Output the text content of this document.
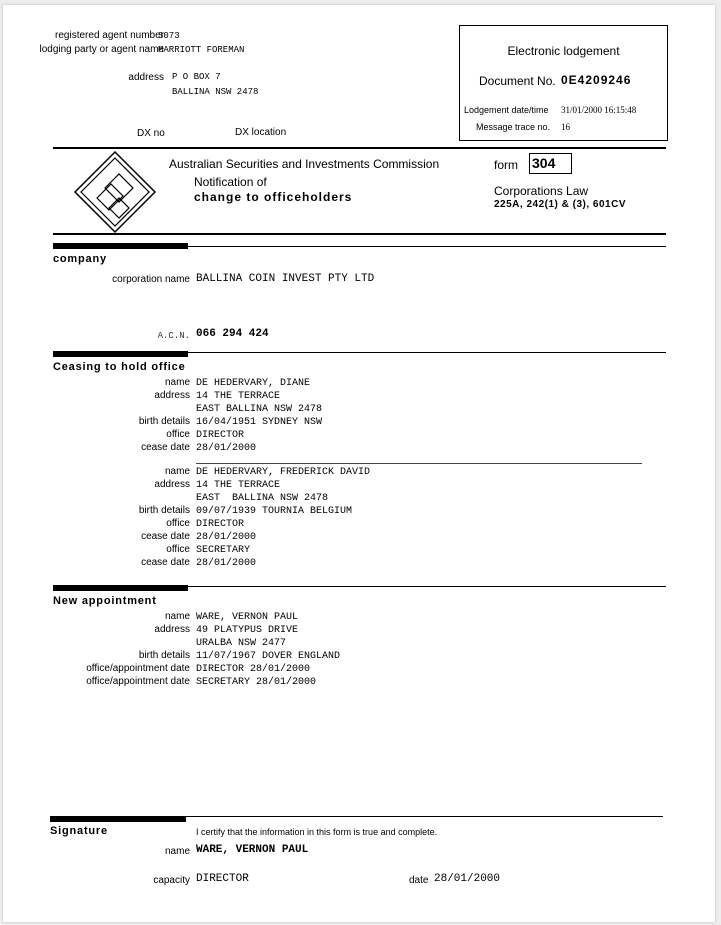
registered agent number
3073
lodging party or agent name
MARRIOTT FOREMAN
address P O BOX 7
BALLINA NSW 2478
DX no	DX location
Electronic lodgement
Document No. 0E4209246
Lodgement date/time 31/01/2000 16:15:48
Message trace no. 16
Australian Securities and Investments Commission
Notification of
change to officeholders
form 304
Corporations Law
225A, 242(1) & (3), 601CV
company
corporation name BALLINA COIN INVEST PTY LTD
A.C.N. 066 294 424
Ceasing to hold office
name DE HEDERVARY, DIANE
address 14 THE TERRACE
EAST BALLINA NSW 2478
birth details 16/04/1951 SYDNEY NSW
office DIRECTOR
cease date 28/01/2000
name DE HEDERVARY, FREDERICK DAVID
address 14 THE TERRACE
EAST  BALLINA NSW 2478
birth details 09/07/1939 TOURNIA BELGIUM
office DIRECTOR
cease date 28/01/2000
office SECRETARY
cease date 28/01/2000
New appointment
name WARE, VERNON PAUL
address 49 PLATYPUS DRIVE
URALBA NSW 2477
birth details 11/07/1967 DOVER ENGLAND
office/appointment date DIRECTOR 28/01/2000
office/appointment date SECRETARY 28/01/2000
Signature	I certify that the information in this form is true and complete.
name WARE, VERNON PAUL
capacity DIRECTOR	date 28/01/2000
